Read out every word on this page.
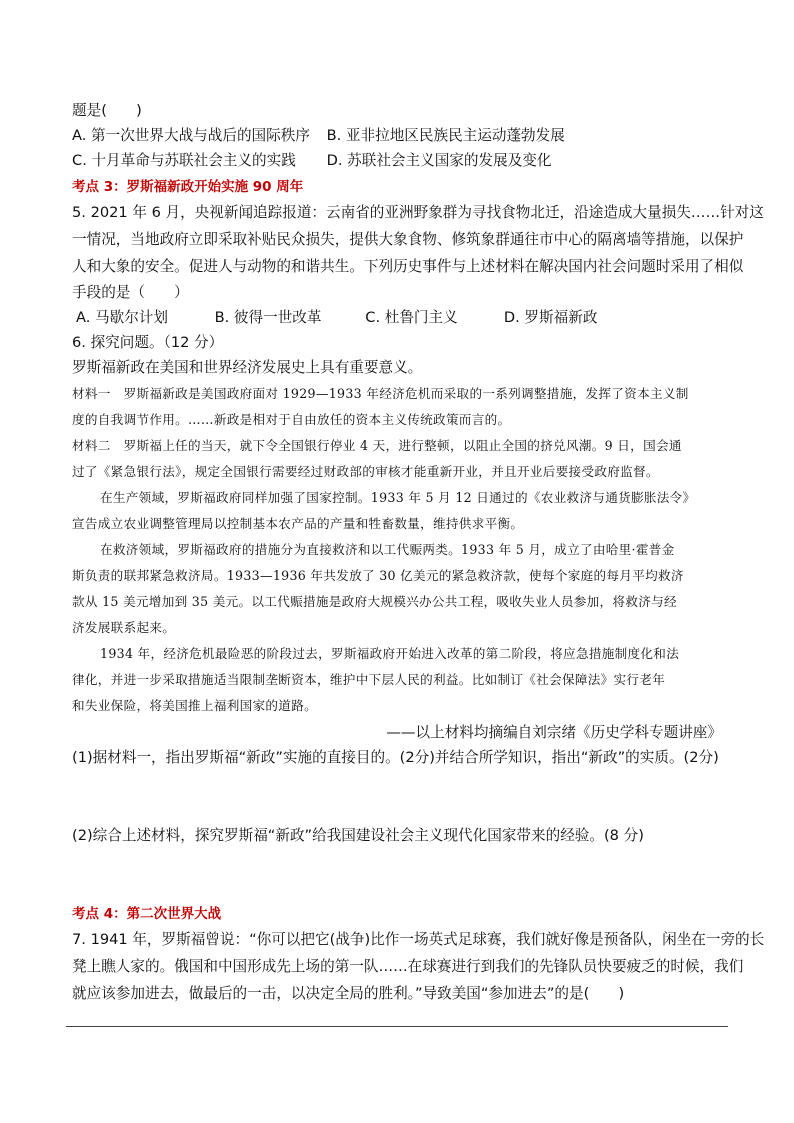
题是(　　)
A. 第一次世界大战与战后的国际秩序 B. 亚非拉地区民族民主运动蓬勃发展
C. 十月革命与苏联社会主义的实践 D. 苏联社会主义国家的发展及变化
考点 3：罗斯福新政开始实施 90 周年
5. 2021 年 6 月，央视新闻追踪报道：云南省的亚洲野象群为寻找食物北迁，沿途造成大量损失……针对这
一情况，当地政府立即采取补贴民众损失，提供大象食物、修筑象群通往市中心的隔离墙等措施，以保护
人和大象的安全。促进人与动物的和谐共生。下列历史事件与上述材料在解决国内社会问题时采用了相似
手段的是（　　）
A. 马歇尔计划	B. 彼得一世改革	C. 杜鲁门主义	D. 罗斯福新政
6. 探究问题。（12 分）
罗斯福新政在美国和世界经济发展史上具有重要意义。
材料一　罗斯福新政是美国政府面对 1929—1933 年经济危机而采取的一系列调整措施，发挥了资本主义制
度的自我调节作用。……新政是相对于自由放任的资本主义传统政策而言的。
材料二　罗斯福上任的当天，就下令全国银行停业 4 天，进行整顿，以阻止全国的挤兑风潮。9 日，国会通
过了《紧急银行法》，规定全国银行需要经过财政部的审核才能重新开业，并且开业后要接受政府监督。
在生产领域，罗斯福政府同样加强了国家控制。1933 年 5 月 12 日通过的《农业救济与通货膨胀法令》
宣告成立农业调整管理局以控制基本农产品的产量和牲畜数量，维持供求平衡。
在救济领域，罗斯福政府的措施分为直接救济和以工代赈两类。1933 年 5 月，成立了由哈里·霍普金
斯负责的联邦紧急救济局。1933—1936 年共发放了 30 亿美元的紧急救济款，使每个家庭的每月平均救济
款从 15 美元增加到 35 美元。以工代赈措施是政府大规模兴办公共工程，吸收失业人员参加，将救济与经
济发展联系起来。
1934 年，经济危机最险恶的阶段过去，罗斯福政府开始进入改革的第二阶段，将应急措施制度化和法
律化，并进一步采取措施适当限制垄断资本，维护中下层人民的利益。比如制订《社会保障法》实行老年
和失业保险，将美国推上福利国家的道路。
——以上材料均摘编自刘宗绪《历史学科专题讲座》
(1)据材料一，指出罗斯福“新政”实施的直接目的。(2分)并结合所学知识，指出“新政”的实质。(2分)
(2)综合上述材料，探究罗斯福“新政”给我国建设社会主义现代化国家带来的经验。(8 分)
考点 4：第二次世界大战
7. 1941 年，罗斯福曾说：“你可以把它(战争)比作一场英式足球赛，我们就好像是预备队，闲坐在一旁的长
凳上瞧人家的。俄国和中国形成先上场的第一队……在球赛进行到我们的先锋队员快要疲乏的时候，我们
就应该参加进去，做最后的一击，以决定全局的胜利。”导致美国“参加进去”的是(　　)
